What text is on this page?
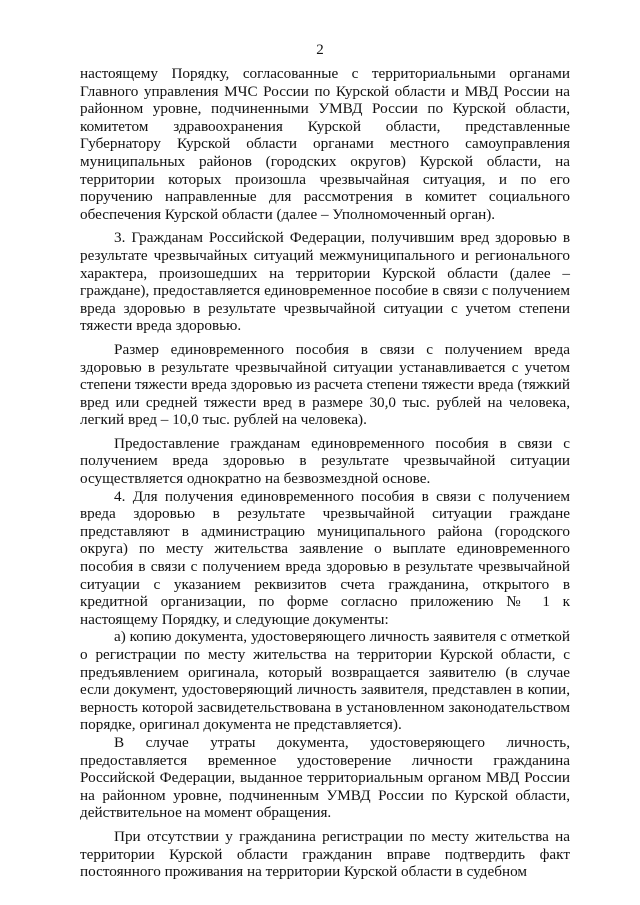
2

настоящему Порядку, согласованные с территориальными органами Главного управления МЧС России по Курской области и МВД России на районном уровне, подчиненными УМВД России по Курской области, комитетом здравоохранения Курской области, представленные Губернатору Курской области органами местного самоуправления муниципальных районов (городских округов) Курской области, на территории которых произошла чрезвычайная ситуация, и по его поручению направленные для рассмотрения в комитет социального обеспечения Курской области (далее – Уполномоченный орган).

3. Гражданам Российской Федерации, получившим вред здоровью в результате чрезвычайных ситуаций межмуниципального и регионального характера, произошедших на территории Курской области (далее – граждане), предоставляется единовременное пособие в связи с получением вреда здоровью в результате чрезвычайной ситуации с учетом степени тяжести вреда здоровью.

Размер единовременного пособия в связи с получением вреда здоровью в результате чрезвычайной ситуации устанавливается с учетом степени тяжести вреда здоровью из расчета степени тяжести вреда (тяжкий вред или средней тяжести вред в размере 30,0 тыс. рублей на человека, легкий вред – 10,0 тыс. рублей на человека).

Предоставление гражданам единовременного пособия в связи с получением вреда здоровью в результате чрезвычайной ситуации осуществляется однократно на безвозмездной основе.

4. Для получения единовременного пособия в связи с получением вреда здоровью в результате чрезвычайной ситуации граждане представляют в администрацию муниципального района (городского округа) по месту жительства заявление о выплате единовременного пособия в связи с получением вреда здоровью в результате чрезвычайной ситуации с указанием реквизитов счета гражданина, открытого в кредитной организации, по форме согласно приложению № 1 к настоящему Порядку, и следующие документы:

а) копию документа, удостоверяющего личность заявителя с отметкой о регистрации по месту жительства на территории Курской области, с предъявлением оригинала, который возвращается заявителю (в случае если документ, удостоверяющий личность заявителя, представлен в копии, верность которой засвидетельствована в установленном законодательством порядке, оригинал документа не представляется).

В случае утраты документа, удостоверяющего личность, предоставляется временное удостоверение личности гражданина Российской Федерации, выданное территориальным органом МВД России на районном уровне, подчиненным УМВД России по Курской области, действительное на момент обращения.

При отсутствии у гражданина регистрации по месту жительства на территории Курской области гражданин вправе подтвердить факт постоянного проживания на территории Курской области в судебном
